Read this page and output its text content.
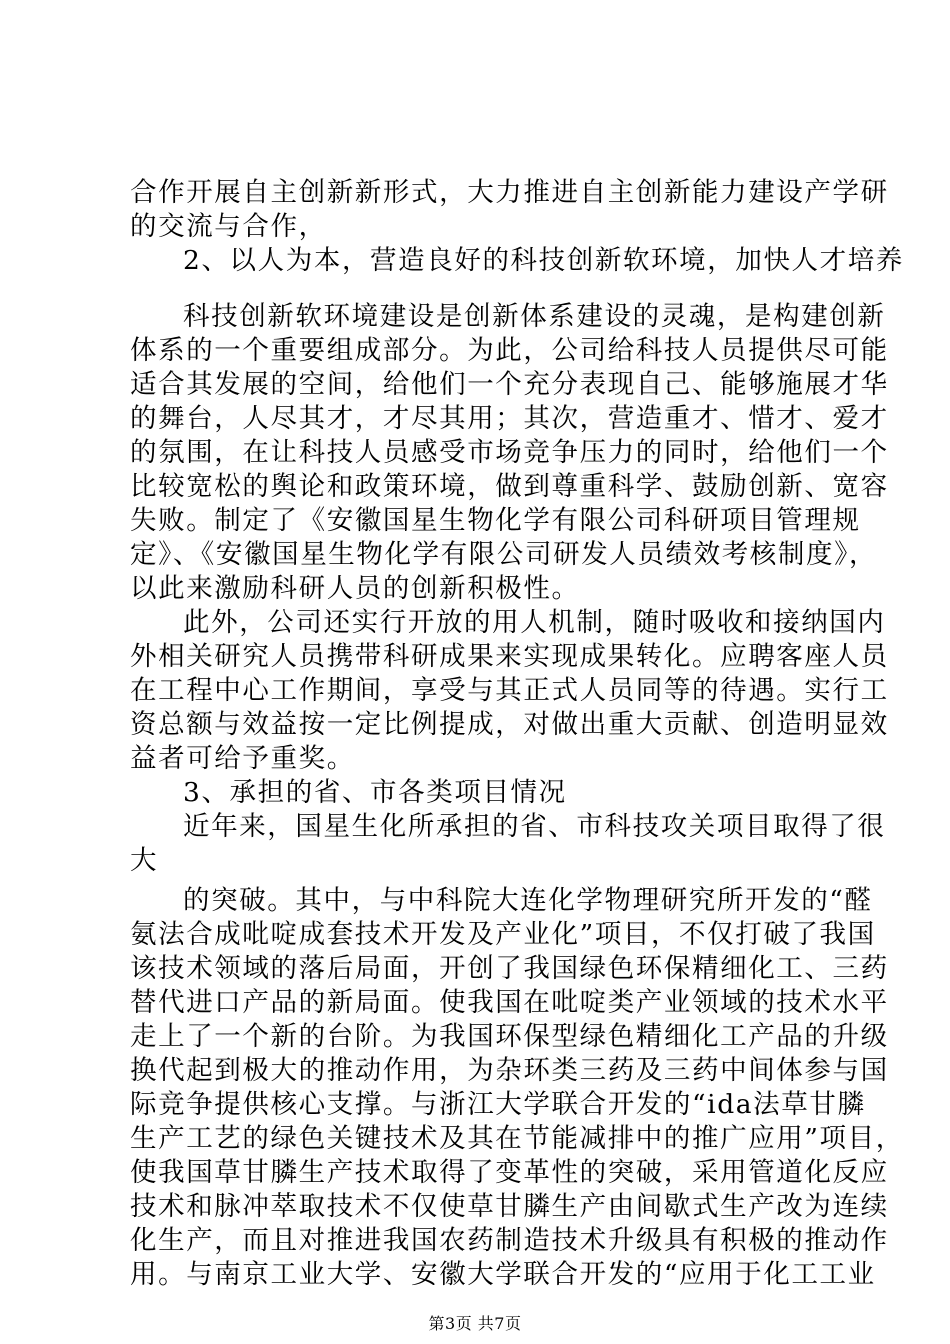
合作开展自主创新新形式，大力推进自主创新能力建设产学研
的交流与合作，
2、以人为本，营造良好的科技创新软环境，加快人才培养
科技创新软环境建设是创新体系建设的灵魂，是构建创新
体系的一个重要组成部分。为此，公司给科技人员提供尽可能
适合其发展的空间，给他们一个充分表现自己、能够施展才华
的舞台，人尽其才，才尽其用；其次，营造重才、惜才、爱才
的氛围，在让科技人员感受市场竞争压力的同时，给他们一个
比较宽松的舆论和政策环境，做到尊重科学、鼓励创新、宽容
失败。制定了《安徽国星生物化学有限公司科研项目管理规
定》、《安徽国星生物化学有限公司研发人员绩效考核制度》，
以此来激励科研人员的创新积极性。
此外，公司还实行开放的用人机制，随时吸收和接纳国内
外相关研究人员携带科研成果来实现成果转化。应聘客座人员
在工程中心工作期间，享受与其正式人员同等的待遇。实行工
资总额与效益按一定比例提成，对做出重大贡献、创造明显效
益者可给予重奖。
3、承担的省、市各类项目情况
近年来，国星生化所承担的省、市科技攻关项目取得了很
大
的突破。其中，与中科院大连化学物理研究所开发的“醛
氨法合成吡啶成套技术开发及产业化”项目，不仅打破了我国
该技术领域的落后局面，开创了我国绿色环保精细化工、三药
替代进口产品的新局面。使我国在吡啶类产业领域的技术水平
走上了一个新的台阶。为我国环保型绿色精细化工产品的升级
换代起到极大的推动作用，为杂环类三药及三药中间体参与国
际竞争提供核心支撑。与浙江大学联合开发的“ida法草甘膦
生产工艺的绿色关键技术及其在节能减排中的推广应用”项目，
使我国草甘膦生产技术取得了变革性的突破，采用管道化反应
技术和脉冲萃取技术不仅使草甘膦生产由间歇式生产改为连续
化生产，而且对推进我国农药制造技术升级具有积极的推动作
用。与南京工业大学、安徽大学联合开发的“应用于化工工业
第3页 共7页
